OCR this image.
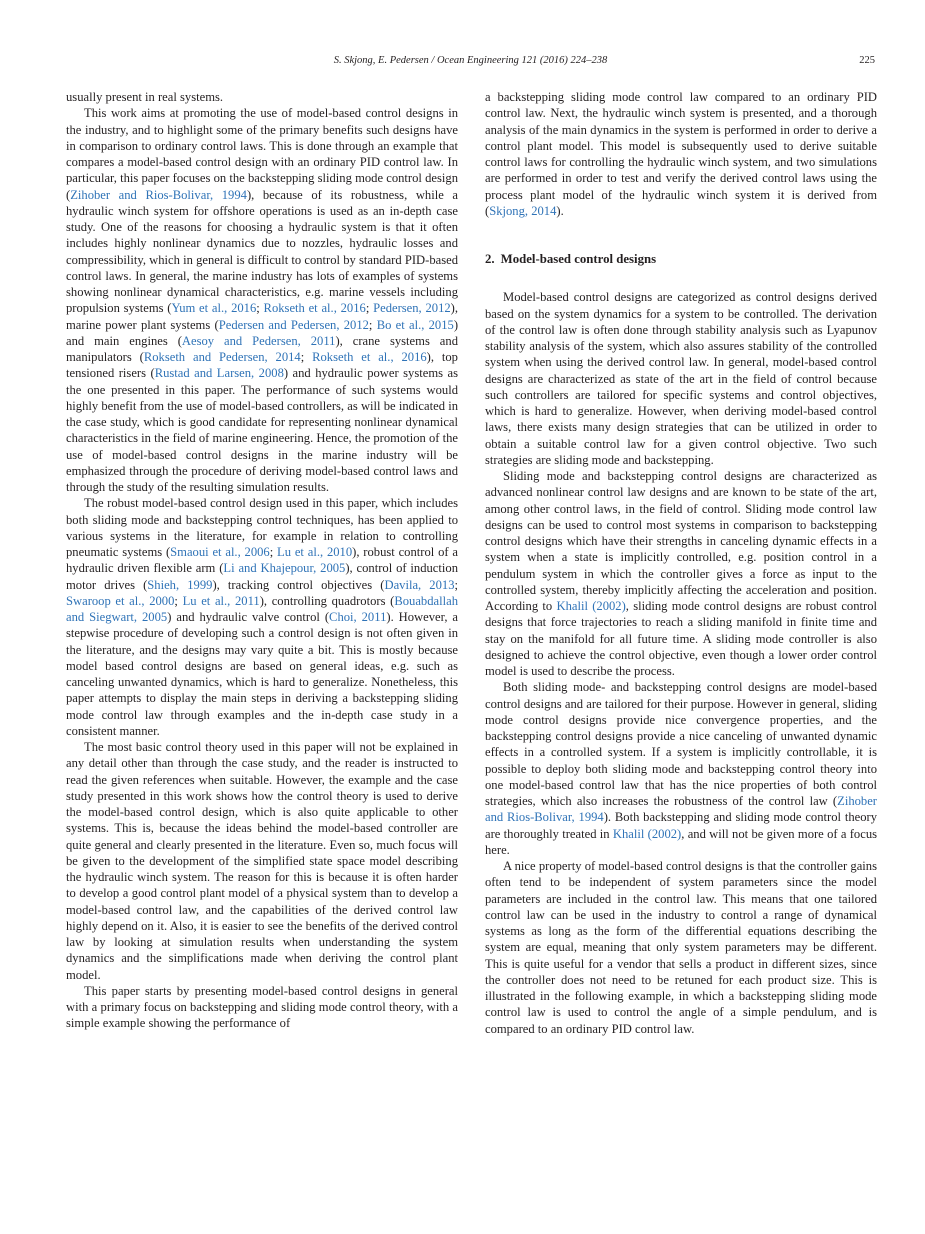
S. Skjong, E. Pedersen / Ocean Engineering 121 (2016) 224–238	225

usually present in real systems.

This work aims at promoting the use of model-based control designs in the industry, and to highlight some of the primary benefits such designs have in comparison to ordinary control laws. This is done through an example that compares a model-based control design with an ordinary PID control law. In particular, this paper focuses on the backstepping sliding mode control design (Zihober and Rios-Bolivar, 1994), because of its robustness, while a hydraulic winch system for offshore operations is used as an in-depth case study. One of the reasons for choosing a hydraulic system is that it often includes highly nonlinear dynamics due to nozzles, hydraulic losses and compressibility, which in general is difficult to control by standard PID-based control laws. In general, the marine industry has lots of examples of systems showing nonlinear dynamical characteristics, e.g. marine vessels including propulsion systems (Yum et al., 2016; Rokseth et al., 2016; Pedersen, 2012), marine power plant systems (Pedersen and Pedersen, 2012; Bo et al., 2015) and main engines (Aesoy and Pedersen, 2011), crane systems and manipulators (Rokseth and Pedersen, 2014; Rokseth et al., 2016), top tensioned risers (Rustad and Larsen, 2008) and hydraulic power systems as the one presented in this paper. The performance of such systems would highly benefit from the use of model-based controllers, as will be indicated in the case study, which is good candidate for representing nonlinear dynamical characteristics in the field of marine engineering. Hence, the promotion of the use of model-based control designs in the marine industry will be emphasized through the procedure of deriving model-based control laws and through the study of the resulting simulation results.

The robust model-based control design used in this paper, which includes both sliding mode and backstepping control techniques, has been applied to various systems in the literature, for example in relation to controlling pneumatic systems (Smaoui et al., 2006; Lu et al., 2010), robust control of a hydraulic driven flexible arm (Li and Khajepour, 2005), control of induction motor drives (Shieh, 1999), tracking control objectives (Davila, 2013; Swaroop et al., 2000; Lu et al., 2011), controlling quadrotors (Bouabdallah and Siegwart, 2005) and hydraulic valve control (Choi, 2011). However, a stepwise procedure of developing such a control design is not often given in the literature, and the designs may vary quite a bit. This is mostly because model based control designs are based on general ideas, e.g. such as canceling unwanted dynamics, which is hard to generalize. Nonetheless, this paper attempts to display the main steps in deriving a backstepping sliding mode control law through examples and the in-depth case study in a consistent manner.

The most basic control theory used in this paper will not be explained in any detail other than through the case study, and the reader is instructed to read the given references when suitable. However, the example and the case study presented in this work shows how the control theory is used to derive the model-based control design, which is also quite applicable to other systems. This is, because the ideas behind the model-based controller are quite general and clearly presented in the literature. Even so, much focus will be given to the development of the simplified state space model describing the hydraulic winch system. The reason for this is because it is often harder to develop a good control plant model of a physical system than to develop a model-based control law, and the capabilities of the derived control law highly depend on it. Also, it is easier to see the benefits of the derived control law by looking at simulation results when understanding the system dynamics and the simplifications made when deriving the control plant model.

This paper starts by presenting model-based control designs in general with a primary focus on backstepping and sliding mode control theory, with a simple example showing the performance of

a backstepping sliding mode control law compared to an ordinary PID control law. Next, the hydraulic winch system is presented, and a thorough analysis of the main dynamics in the system is performed in order to derive a control plant model. This model is subsequently used to derive suitable control laws for controlling the hydraulic winch system, and two simulations are performed in order to test and verify the derived control laws using the process plant model of the hydraulic winch system it is derived from (Skjong, 2014).

2. Model-based control designs

Model-based control designs are categorized as control designs derived based on the system dynamics for a system to be controlled. The derivation of the control law is often done through stability analysis such as Lyapunov stability analysis of the system, which also assures stability of the controlled system when using the derived control law. In general, model-based control designs are characterized as state of the art in the field of control because such controllers are tailored for specific systems and control objectives, which is hard to generalize. However, when deriving model-based control laws, there exists many design strategies that can be utilized in order to obtain a suitable control law for a given control objective. Two such strategies are sliding mode and backstepping.

Sliding mode and backstepping control designs are characterized as advanced nonlinear control law designs and are known to be state of the art, among other control laws, in the field of control. Sliding mode control law designs can be used to control most systems in comparison to backstepping control designs which have their strengths in canceling dynamic effects in a system when a state is implicitly controlled, e.g. position control in a pendulum system in which the controller gives a force as input to the controlled system, thereby implicitly affecting the acceleration and position. According to Khalil (2002), sliding mode control designs are robust control designs that force trajectories to reach a sliding manifold in finite time and stay on the manifold for all future time. A sliding mode controller is also designed to achieve the control objective, even though a lower order control model is used to describe the process.

Both sliding mode- and backstepping control designs are model-based control designs and are tailored for their purpose. However in general, sliding mode control designs provide nice convergence properties, and the backstepping control designs provide a nice canceling of unwanted dynamic effects in a controlled system. If a system is implicitly controllable, it is possible to deploy both sliding mode and backstepping control theory into one model-based control law that has the nice properties of both control strategies, which also increases the robustness of the control law (Zihober and Rios-Bolivar, 1994). Both backstepping and sliding mode control theory are thoroughly treated in Khalil (2002), and will not be given more of a focus here.

A nice property of model-based control designs is that the controller gains often tend to be independent of system parameters since the model parameters are included in the control law. This means that one tailored control law can be used in the industry to control a range of dynamical systems as long as the form of the differential equations describing the system are equal, meaning that only system parameters may be different. This is quite useful for a vendor that sells a product in different sizes, since the controller does not need to be retuned for each product size. This is illustrated in the following example, in which a backstepping sliding mode control law is used to control the angle of a simple pendulum, and is compared to an ordinary PID control law.
